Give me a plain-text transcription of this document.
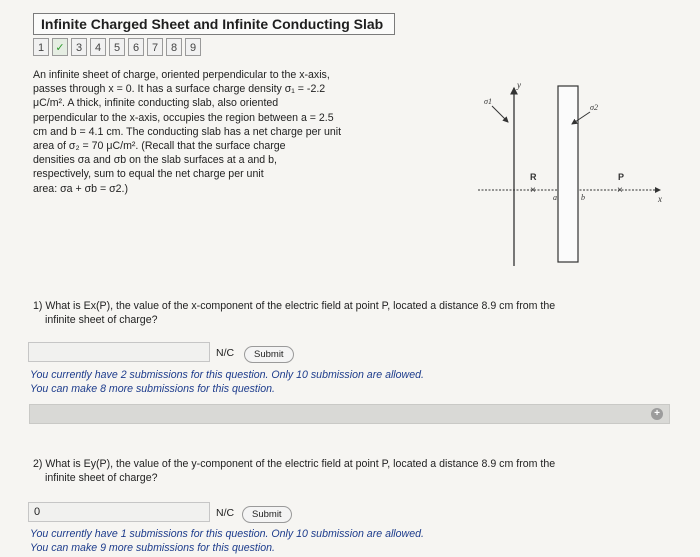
Infinite Charged Sheet and Infinite Conducting Slab
1	✓	3	4	5	6	7	8	9
An infinite sheet of charge, oriented perpendicular to the x-axis,
passes through x = 0. It has a surface charge density σ₁ = -2.2
μC/m². A thick, infinite conducting slab, also oriented
perpendicular to the x-axis, occupies the region between a = 2.5
cm and b = 4.1 cm. The conducting slab has a net charge per unit
area of σ₂ = 70 μC/m². (Recall that the surface charge
densities σa and σb on the slab surfaces at a and b,
respectively, sum to equal the net charge per unit
area: σa + σb = σ2.)
y
x
σ1
σ2
R
×
a	b
P
×
1) What is Ex(P), the value of the x-component of the electric field at point P, located a distance 8.9 cm from the
infinite sheet of charge?
N/C	Submit
You currently have 2 submissions for this question. Only 10 submission are allowed.
You can make 8 more submissions for this question.
+
2) What is Ey(P), the value of the y-component of the electric field at point P, located a distance 8.9 cm from the
infinite sheet of charge?
0
N/C	Submit
You currently have 1 submissions for this question. Only 10 submission are allowed.
You can make 9 more submissions for this question.
